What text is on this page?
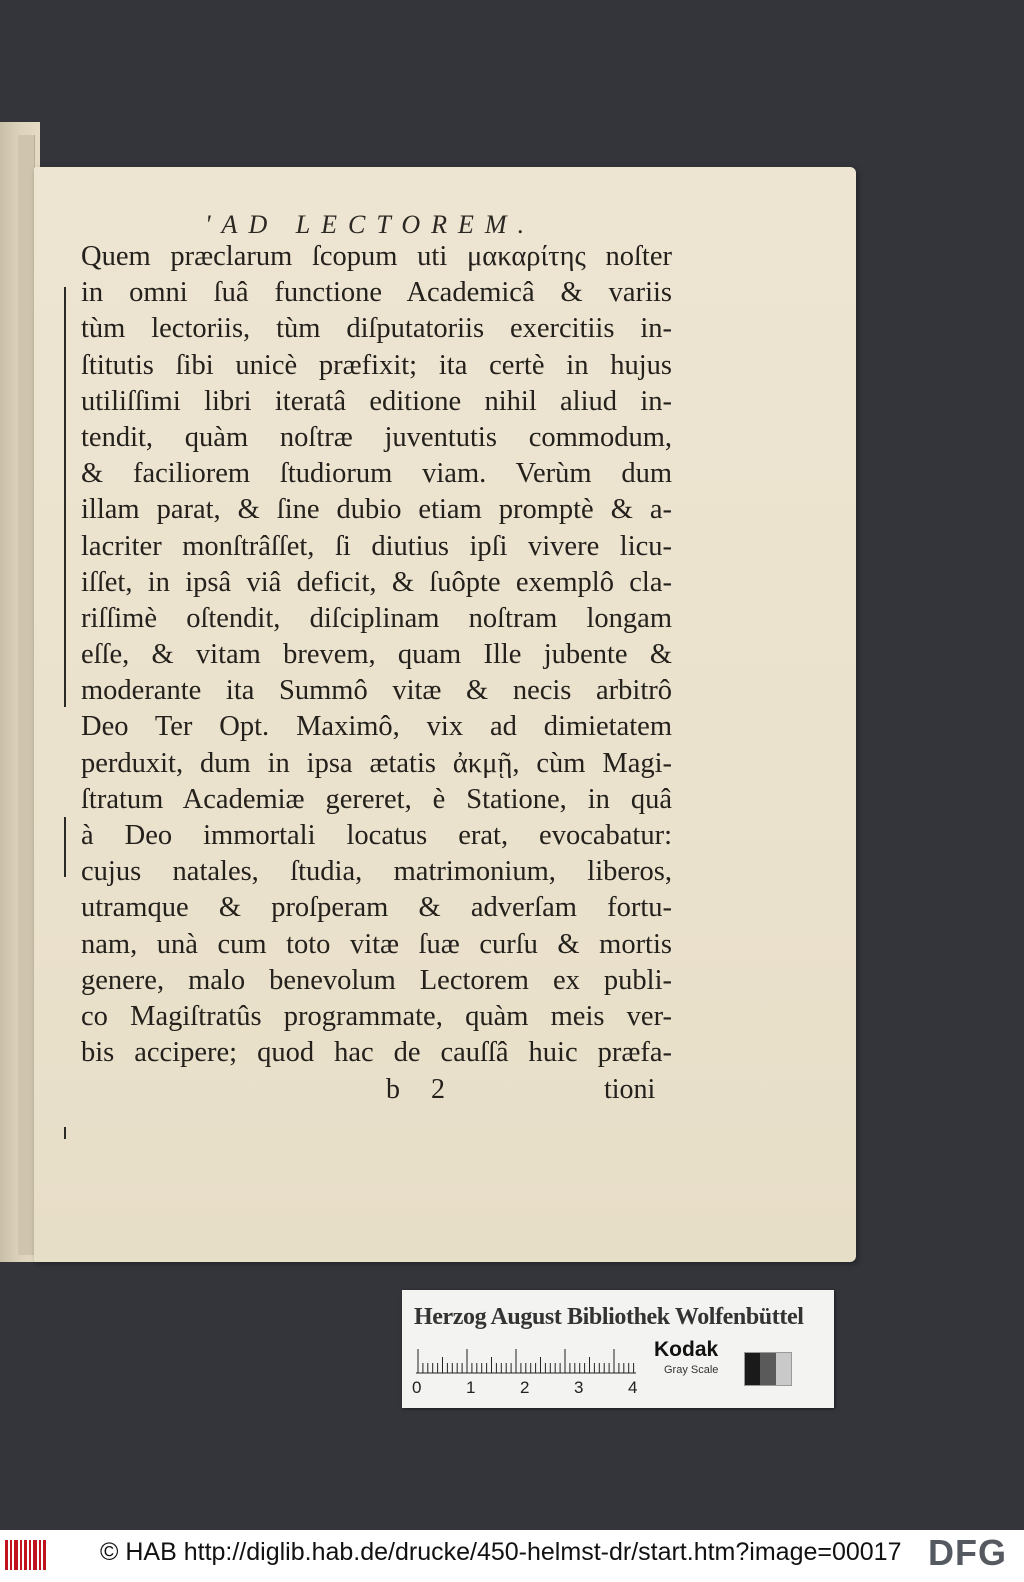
'AD LECTOREM.
Quem præclarum ſcopum uti μακαρίτης noſter
in omni ſuâ functione Academicâ & variis
tùm lectoriis, tùm diſputatoriis exercitiis in-
ſtitutis ſibi unicè præfixit; ita certè in hujus
utiliſſimi libri iteratâ editione nihil aliud in-
tendit, quàm noſtræ juventutis commodum,
& faciliorem ſtudiorum viam. Verùm dum
illam parat, & ſine dubio etiam promptè & a-
lacriter monſtrâſſet, ſi diutius ipſi vivere licu-
iſſet, in ipsâ viâ deficit, & ſuôpte exemplô cla-
riſſimè oſtendit, diſciplinam noſtram longam
eſſe, & vitam brevem, quam Ille jubente &
moderante ita Summô vitæ & necis arbitrô
Deo Ter Opt. Maximô, vix ad dimietatem
perduxit, dum in ipsa ætatis ἀκμῇ, cùm Magi-
ſtratum Academiæ gereret, è Statione, in quâ
à Deo immortali locatus erat, evocabatur:
cujus natales, ſtudia, matrimonium, liberos,
utramque & proſperam & adverſam fortu-
nam, unà cum toto vitæ ſuæ curſu & mortis
genere, malo benevolum Lectorem ex publi-
co Magiſtratûs programmate, quàm meis ver-
bis accipere; quod hac de cauſſâ huic præfa-
b 2	tioni
Herzog August Bibliothek Wolfenbüttel
0	1	2	3	4
Kodak
Gray Scale
© HAB http://diglib.hab.de/drucke/450-helmst-dr/start.htm?image=00017 DFG
